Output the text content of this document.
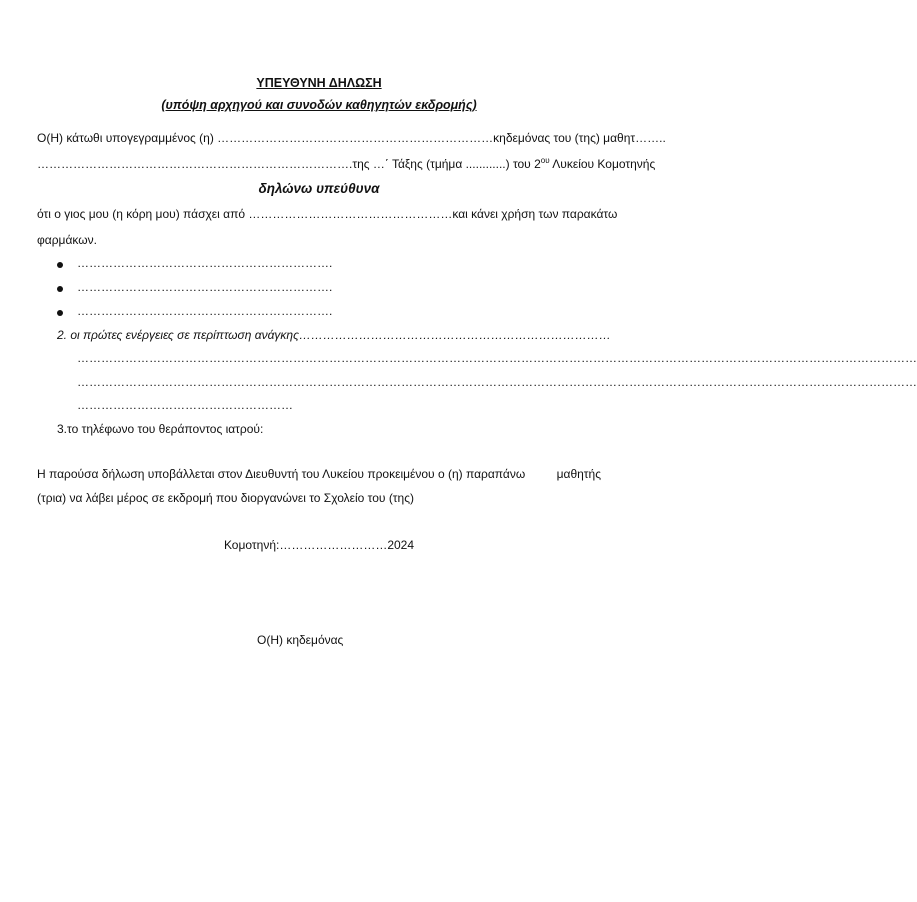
ΥΠΕΥΘΥΝΗ ΔΗΛΩΣΗ

(υπόψη αρχηγού και συνοδών καθηγητών εκδρομής)

Ο(Η) κάτωθι υπογεγραμμένος (η) …………………………………………………………… κηδεμόνας του (της) μαθητ……..
…………………………………………………………………….της …΄ Τάξης (τμήμα ............) του $2^{o\upsilon}$ Λυκείου Κομοτηνής

δηλώνω υπεύθυνα

ότι ο γιος μου (η κόρη μου) πάσχει από …………………………………………… και κάνει χρήση των παρακάτω

φαρμάκων.

……………………………………………………….

……………………………………………………….

……………………………………………………….

2. οι πρώτες ενέργειες σε περίπτωση ανάγκης……………………………………………………………………

…………………………………………………………………………………………………………………………………………………………………………………………

…………………………………………………………………………………………………………………………………………………………………………………………

………………………………………………

3.το τηλέφωνο του θεράποντος ιατρού:

Η παρούσα δήλωση υποβάλλεται στον Διευθυντή του Λυκείου προκειμένου ο (η) παραπάνω	μαθητής

(τρια) να λάβει μέρος σε εκδρομή που διοργανώνει το Σχολείο του (της)

Κομοτηνή:………………………2024

Ο(Η) κηδεμόνας
